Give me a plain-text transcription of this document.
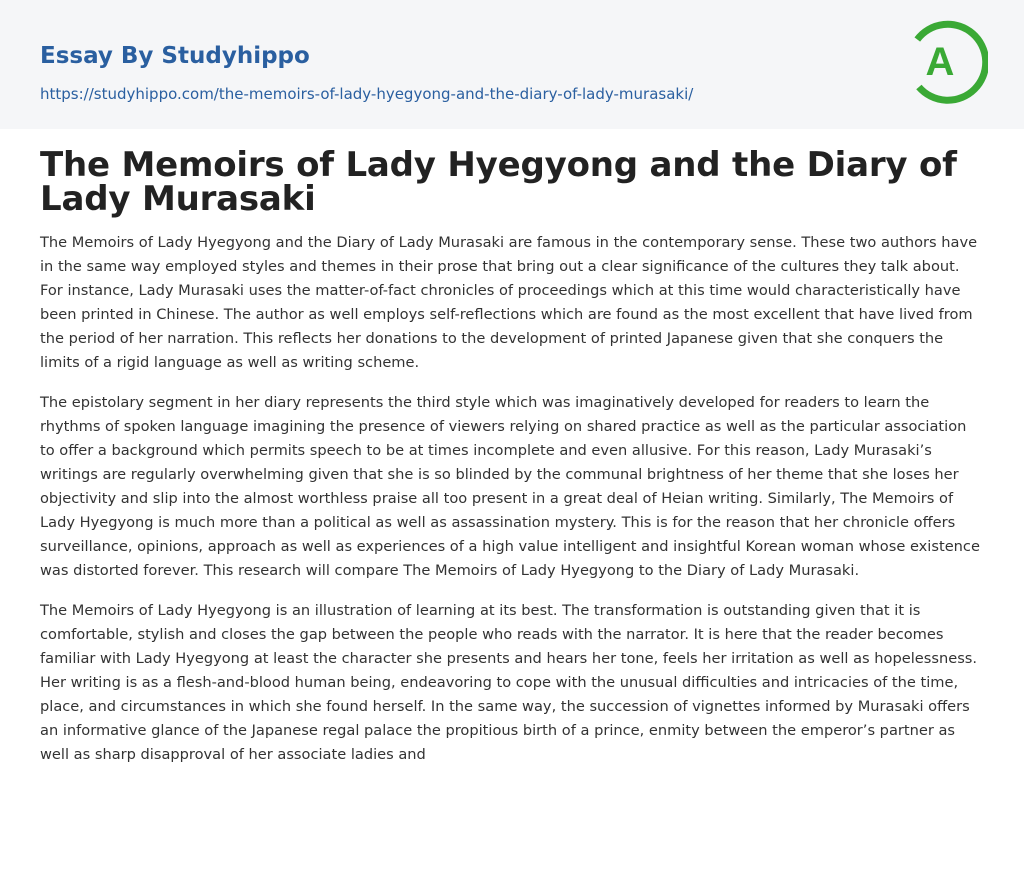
Essay By Studyhippo
https://studyhippo.com/the-memoirs-of-lady-hyegyong-and-the-diary-of-lady-murasaki/
A
The Memoirs of Lady Hyegyong and the Diary of Lady Murasaki

The Memoirs of Lady Hyegyong and the Diary of Lady Murasaki are famous in the contemporary sense. These two authors have in the same way employed styles and themes in their prose that bring out a clear significance of the cultures they talk about. For instance, Lady Murasaki uses the matter-of-fact chronicles of proceedings which at this time would characteristically have been printed in Chinese. The author as well employs self-reflections which are found as the most excellent that have lived from the period of her narration. This reflects her donations to the development of printed Japanese given that she conquers the limits of a rigid language as well as writing scheme.

The epistolary segment in her diary represents the third style which was imaginatively developed for readers to learn the rhythms of spoken language imagining the presence of viewers relying on shared practice as well as the particular association to offer a background which permits speech to be at times incomplete and even allusive. For this reason, Lady Murasaki’s writings are regularly overwhelming given that she is so blinded by the communal brightness of her theme that she loses her objectivity and slip into the almost worthless praise all too present in a great deal of Heian writing. Similarly, The Memoirs of Lady Hyegyong is much more than a political as well as assassination mystery. This is for the reason that her chronicle offers surveillance, opinions, approach as well as experiences of a high value intelligent and insightful Korean woman whose existence was distorted forever. This research will compare The Memoirs of Lady Hyegyong to the Diary of Lady Murasaki.

The Memoirs of Lady Hyegyong is an illustration of learning at its best. The transformation is outstanding given that it is comfortable, stylish and closes the gap between the people who reads with the narrator. It is here that the reader becomes familiar with Lady Hyegyong at least the character she presents and hears her tone, feels her irritation as well as hopelessness. Her writing is as a flesh-and-blood human being, endeavoring to cope with the unusual difficulties and intricacies of the time, place, and circumstances in which she found herself. In the same way, the succession of vignettes informed by Murasaki offers an informative glance of the Japanese regal palace the propitious birth of a prince, enmity between the emperor’s partner as well as sharp disapproval of her associate ladies and
